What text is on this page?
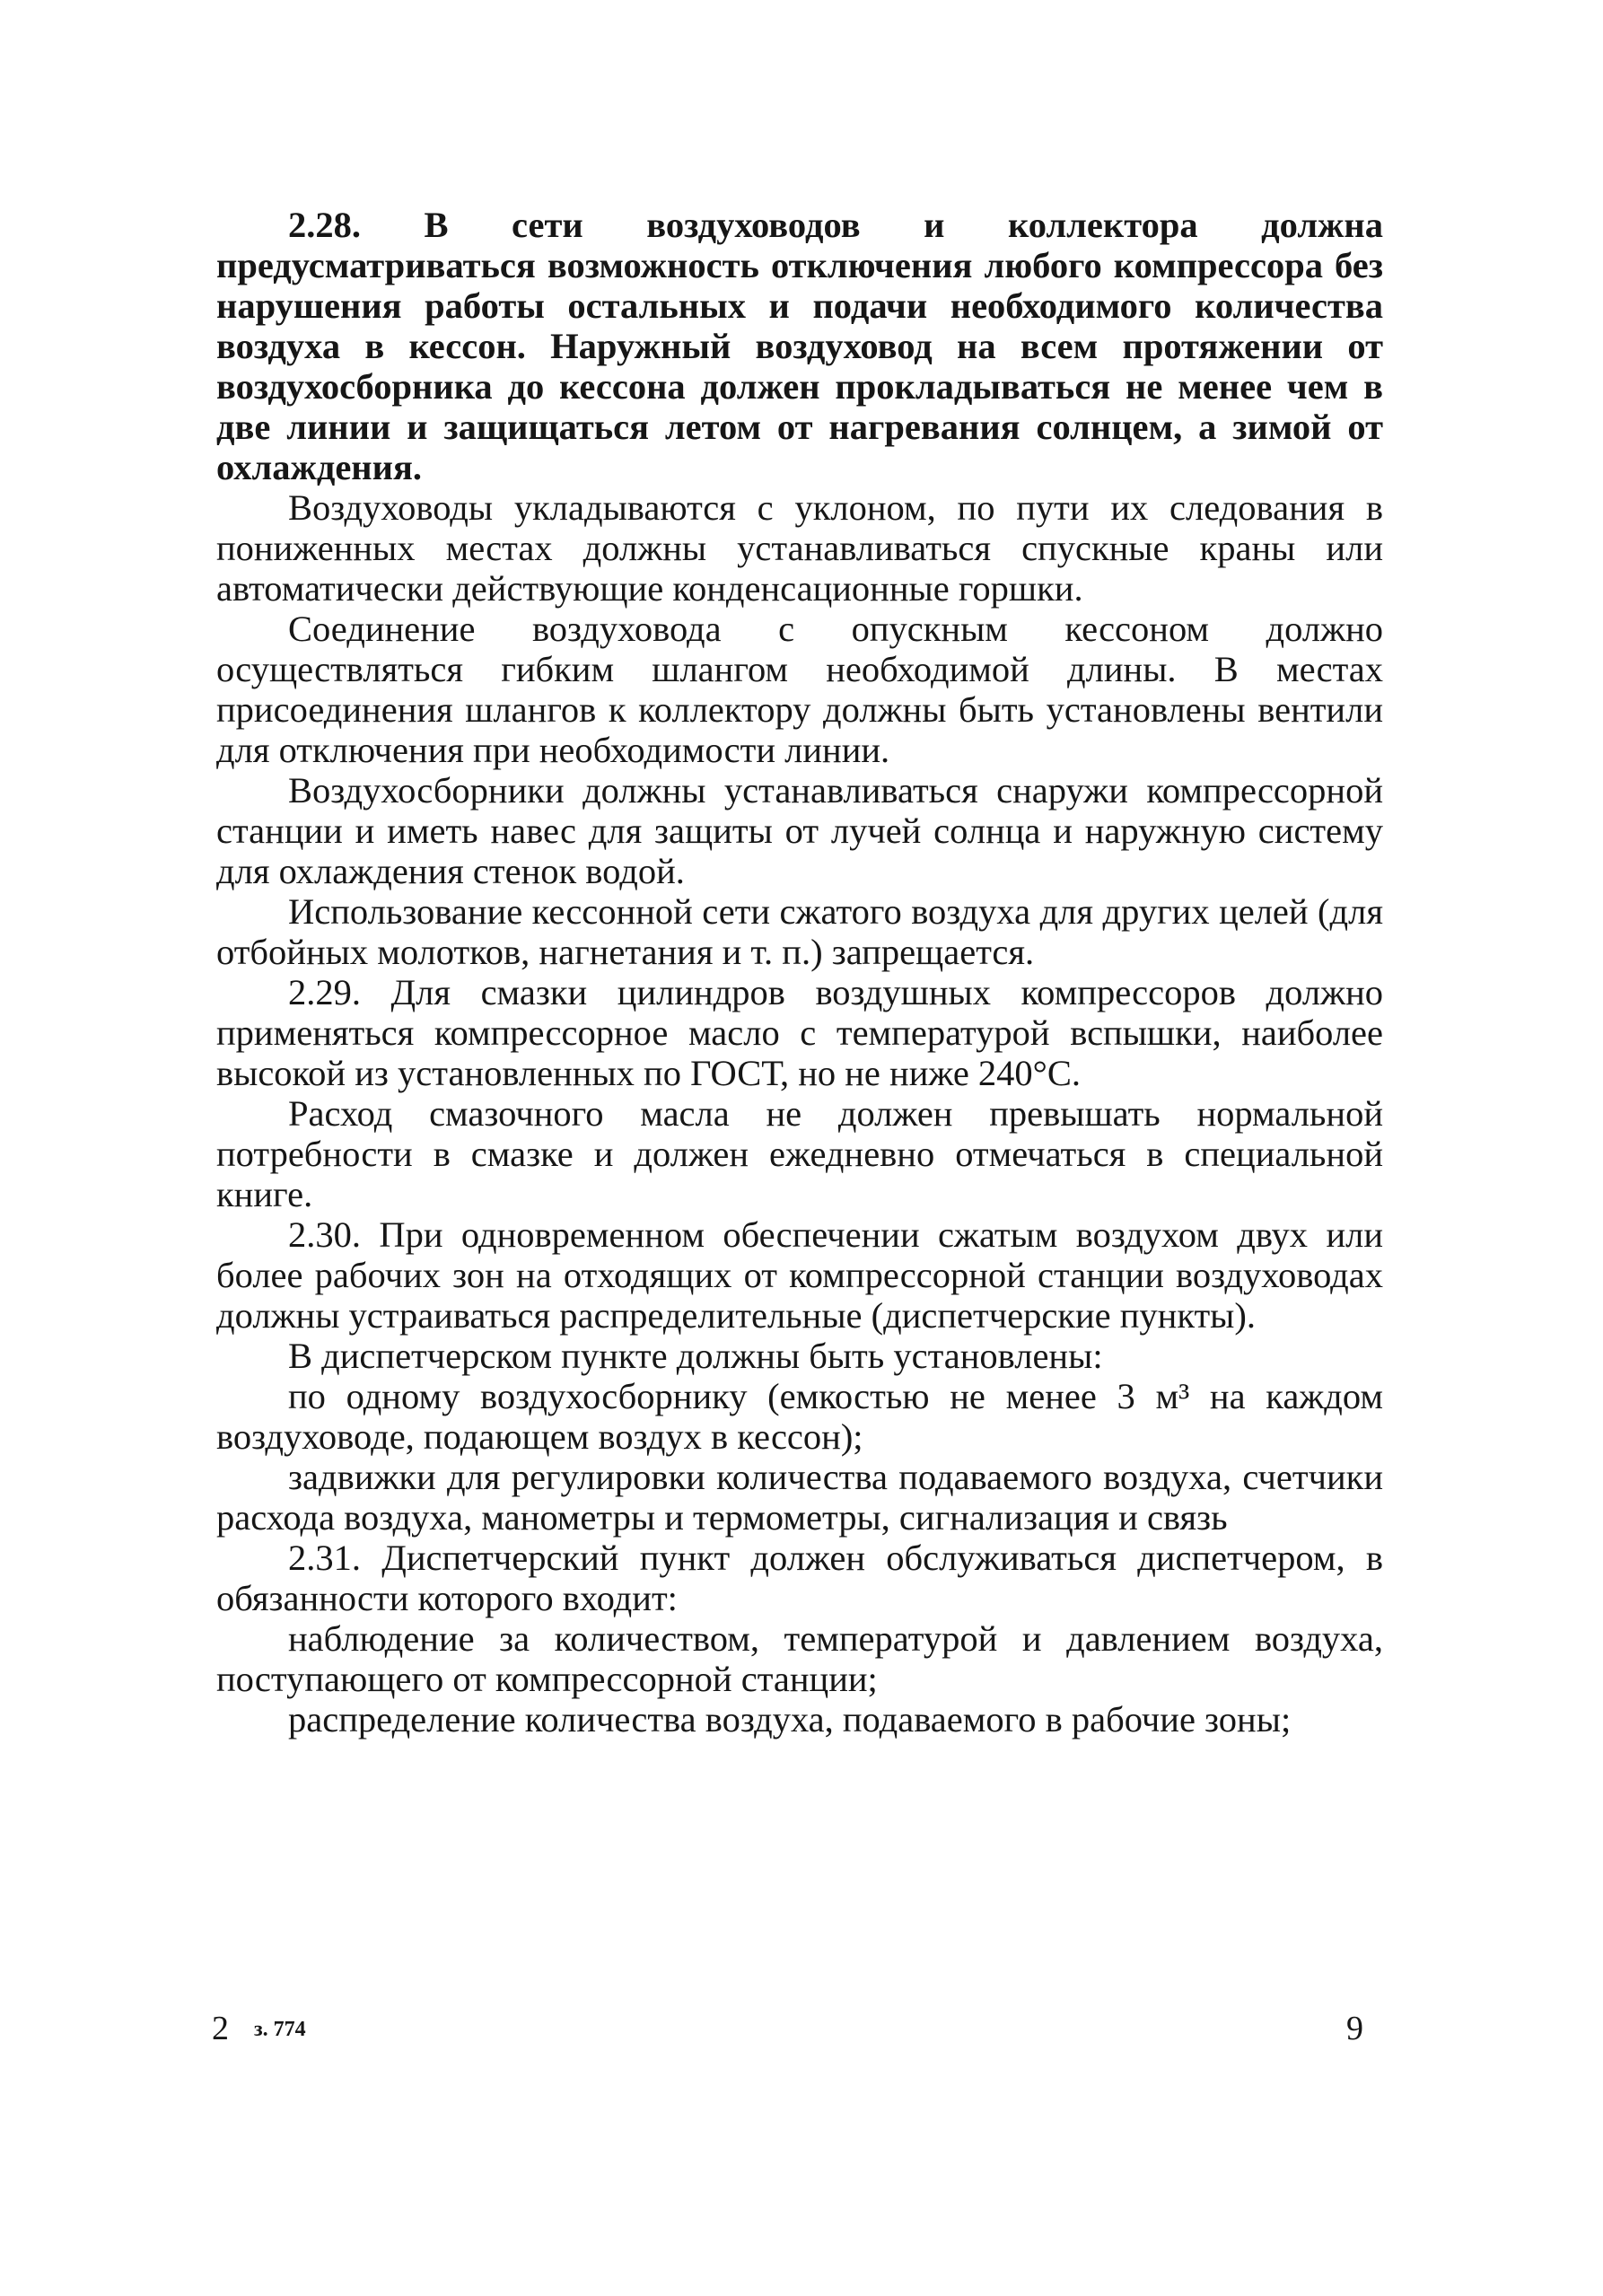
2.28. В сети воздуховодов и коллектора должна предусматриваться возможность отключения любого компрессора без нарушения работы остальных и подачи необходимого количества воздуха в кессон. Наружный воздуховод на всем протяжении от воздухосборника до кессона должен прокладываться не менее чем в две линии и защищаться летом от нагревания солнцем, а зимой от охлаждения.

Воздуховоды укладываются с уклоном, по пути их следования в пониженных местах должны устанавливаться спускные краны или автоматически действующие конденсационные горшки.

Соединение воздуховода с опускным кессоном должно осуществляться гибким шлангом необходимой длины. В местах присоединения шлангов к коллектору должны быть установлены вентили для отключения при необходимости линии.

Воздухосборники должны устанавливаться снаружи компрессорной станции и иметь навес для защиты от лучей солнца и наружную систему для охлаждения стенок водой.

Использование кессонной сети сжатого воздуха для других целей (для отбойных молотков, нагнетания и т. п.) запрещается.

2.29. Для смазки цилиндров воздушных компрессоров должно применяться компрессорное масло с температурой вспышки, наиболее высокой из установленных по ГОСТ, но не ниже 240°С.

Расход смазочного масла не должен превышать нормальной потребности в смазке и должен ежедневно отмечаться в специальной книге.

2.30. При одновременном обеспечении сжатым воздухом двух или более рабочих зон на отходящих от компрессорной станции воздуховодах должны устраиваться распределительные (диспетчерские пункты).

В диспетчерском пункте должны быть установлены:

по одному воздухосборнику (емкостью не менее 3 м³ на каждом воздуховоде, подающем воздух в кессон);

задвижки для регулировки количества подаваемого воздуха, счетчики расхода воздуха, манометры и термометры, сигнализация и связь

2.31. Диспетчерский пункт должен обслуживаться диспетчером, в обязанности которого входит:

наблюдение за количеством, температурой и давлением воздуха, поступающего от компрессорной станции;

распределение количества воздуха, подаваемого в рабочие зоны;

2 з. 774	9
